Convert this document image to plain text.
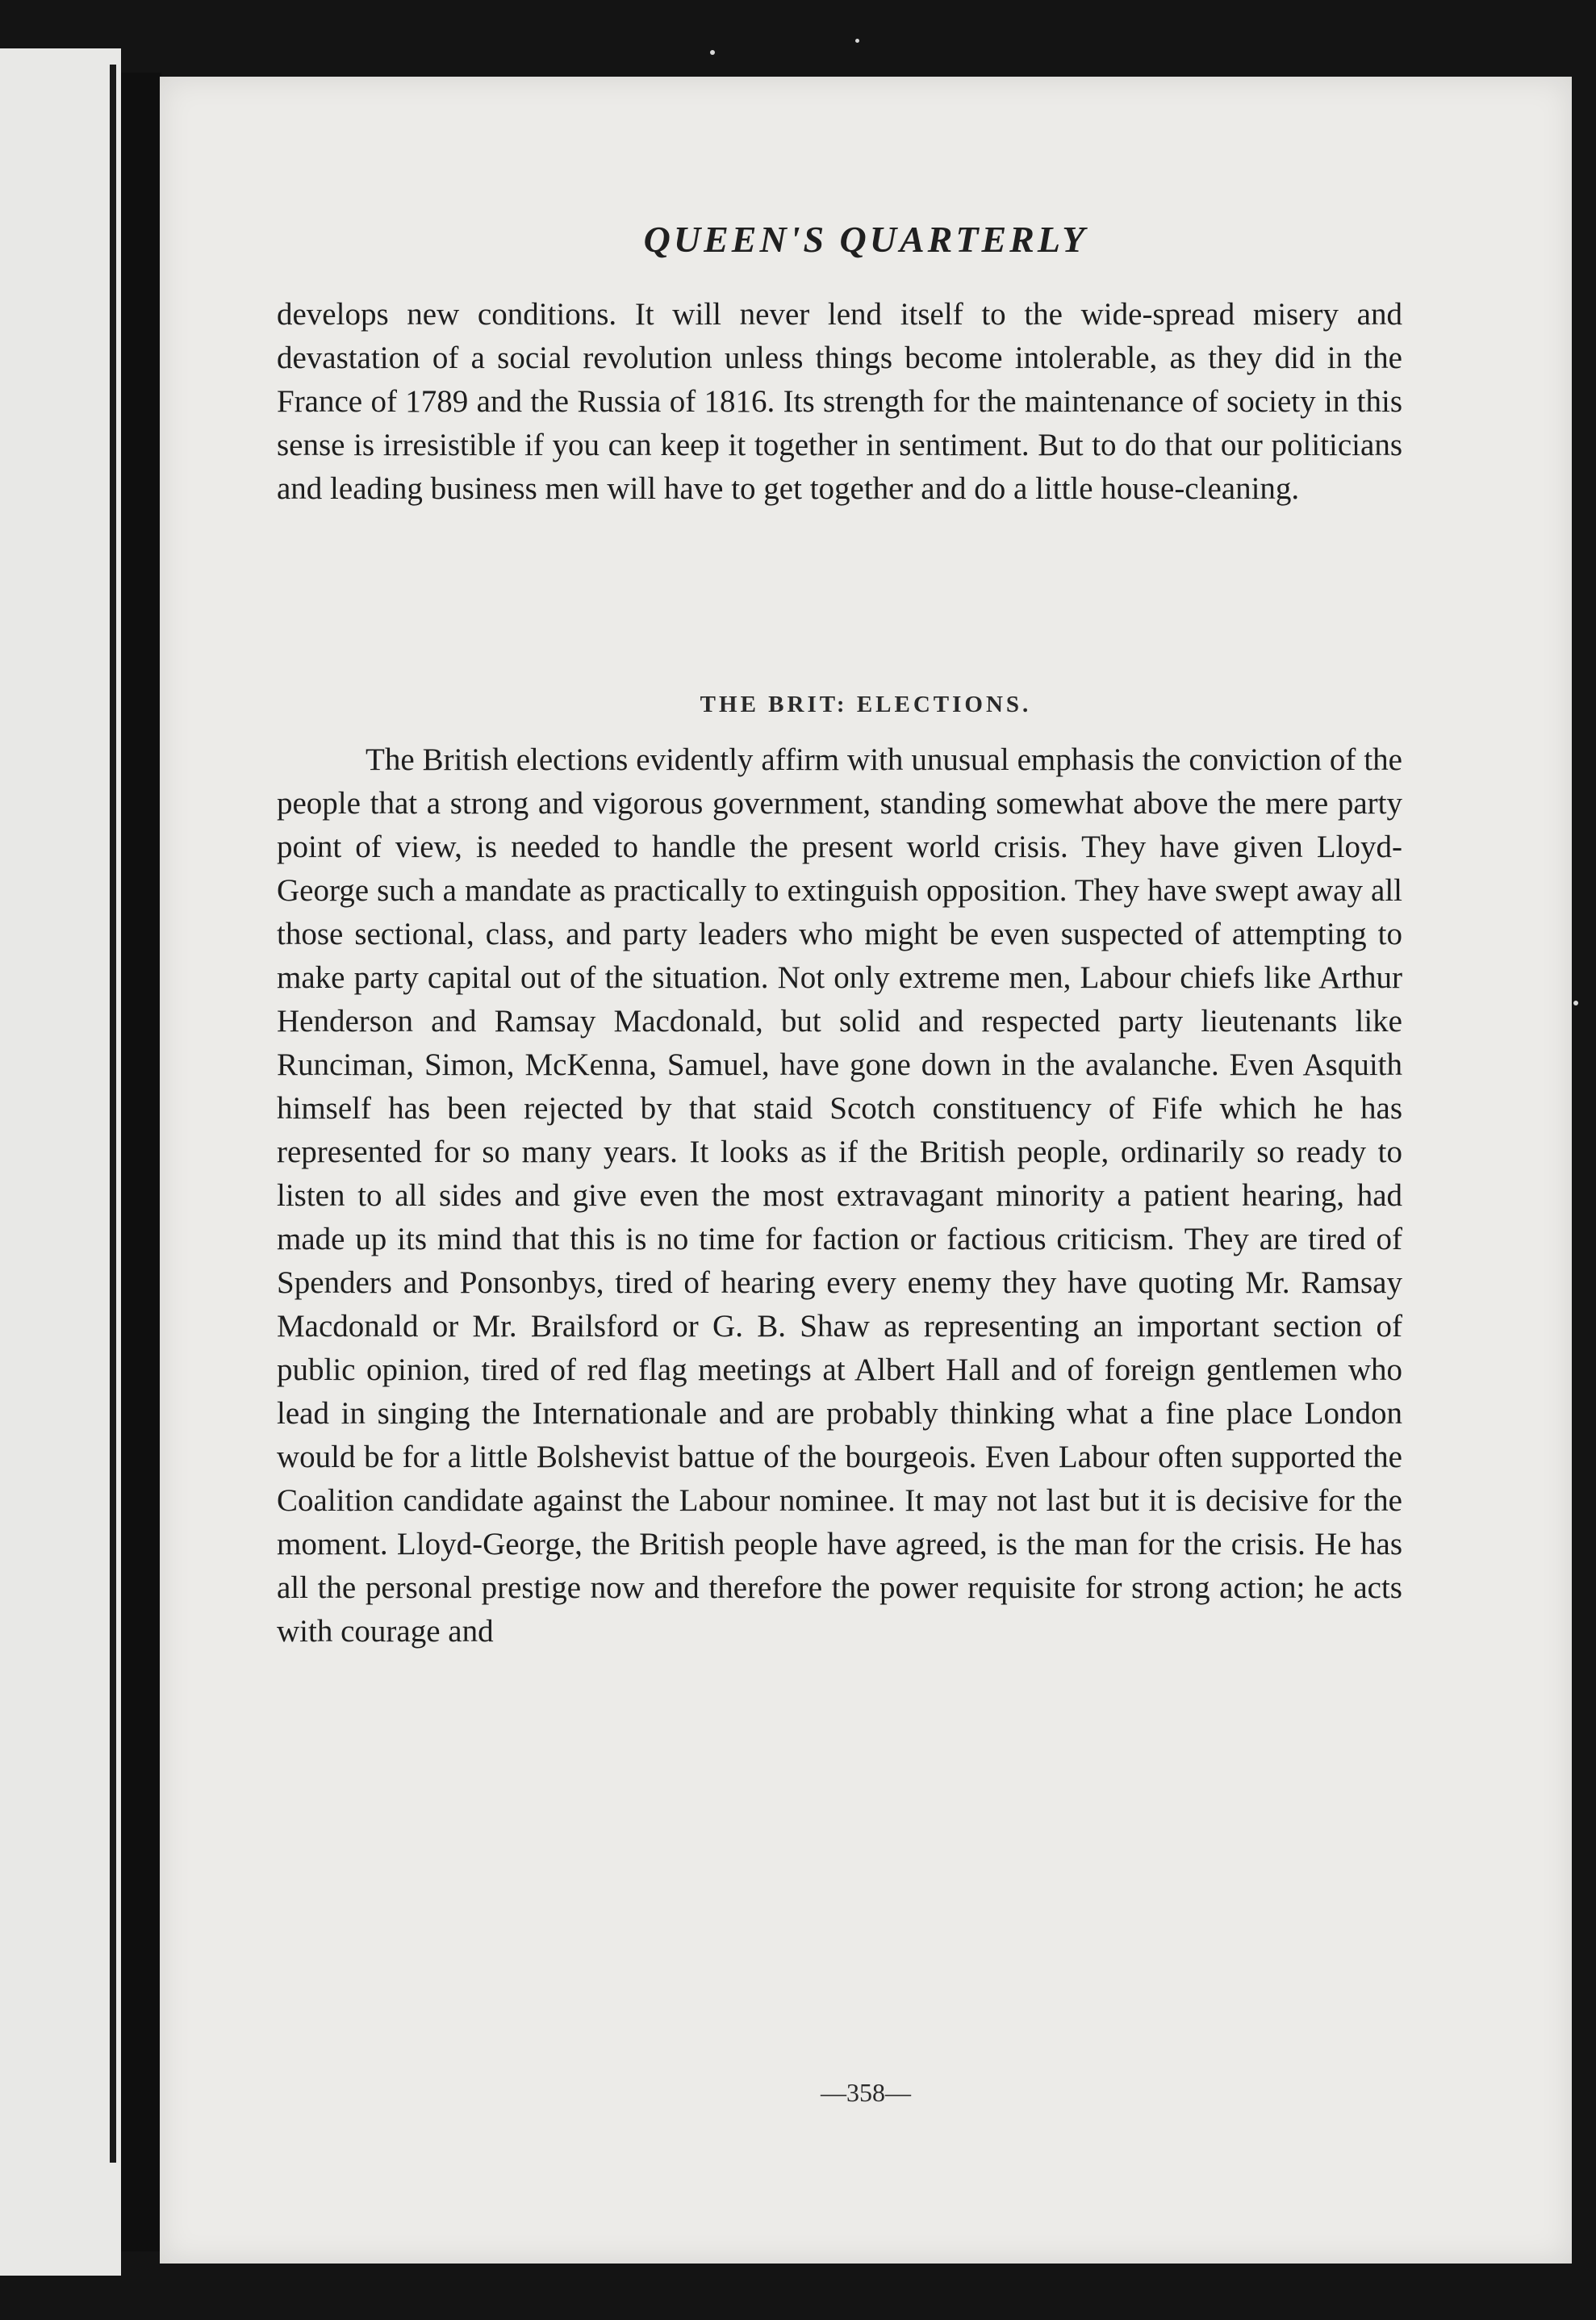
QUEEN'S QUARTERLY

develops new conditions. It will never lend itself to the wide-spread misery and devastation of a social revolution unless things become intolerable, as they did in the France of 1789 and the Russia of 1816. Its strength for the maintenance of society in this sense is irresistible if you can keep it together in sentiment. But to do that our politicians and leading business men will have to get together and do a little house-cleaning.

THE BRIT: ELECTIONS.

The British elections evidently affirm with unusual emphasis the conviction of the people that a strong and vigorous government, standing somewhat above the mere party point of view, is needed to handle the present world crisis. They have given Lloyd-George such a mandate as practically to extinguish opposition. They have swept away all those sectional, class, and party leaders who might be even suspected of attempting to make party capital out of the situation. Not only extreme men, Labour chiefs like Arthur Henderson and Ramsay Macdonald, but solid and respected party lieutenants like Runciman, Simon, McKenna, Samuel, have gone down in the avalanche. Even Asquith himself has been rejected by that staid Scotch constituency of Fife which he has represented for so many years. It looks as if the British people, ordinarily so ready to listen to all sides and give even the most extravagant minority a patient hearing, had made up its mind that this is no time for faction or factious criticism. They are tired of Spenders and Ponsonbys, tired of hearing every enemy they have quoting Mr. Ramsay Macdonald or Mr. Brailsford or G. B. Shaw as representing an important section of public opinion, tired of red flag meetings at Albert Hall and of foreign gentlemen who lead in singing the Internationale and are probably thinking what a fine place London would be for a little Bolshevist battue of the bourgeois. Even Labour often supported the Coalition candidate against the Labour nominee. It may not last but it is decisive for the moment. Lloyd-George, the British people have agreed, is the man for the crisis. He has all the personal prestige now and therefore the power requisite for strong action; he acts with courage and

—358—
